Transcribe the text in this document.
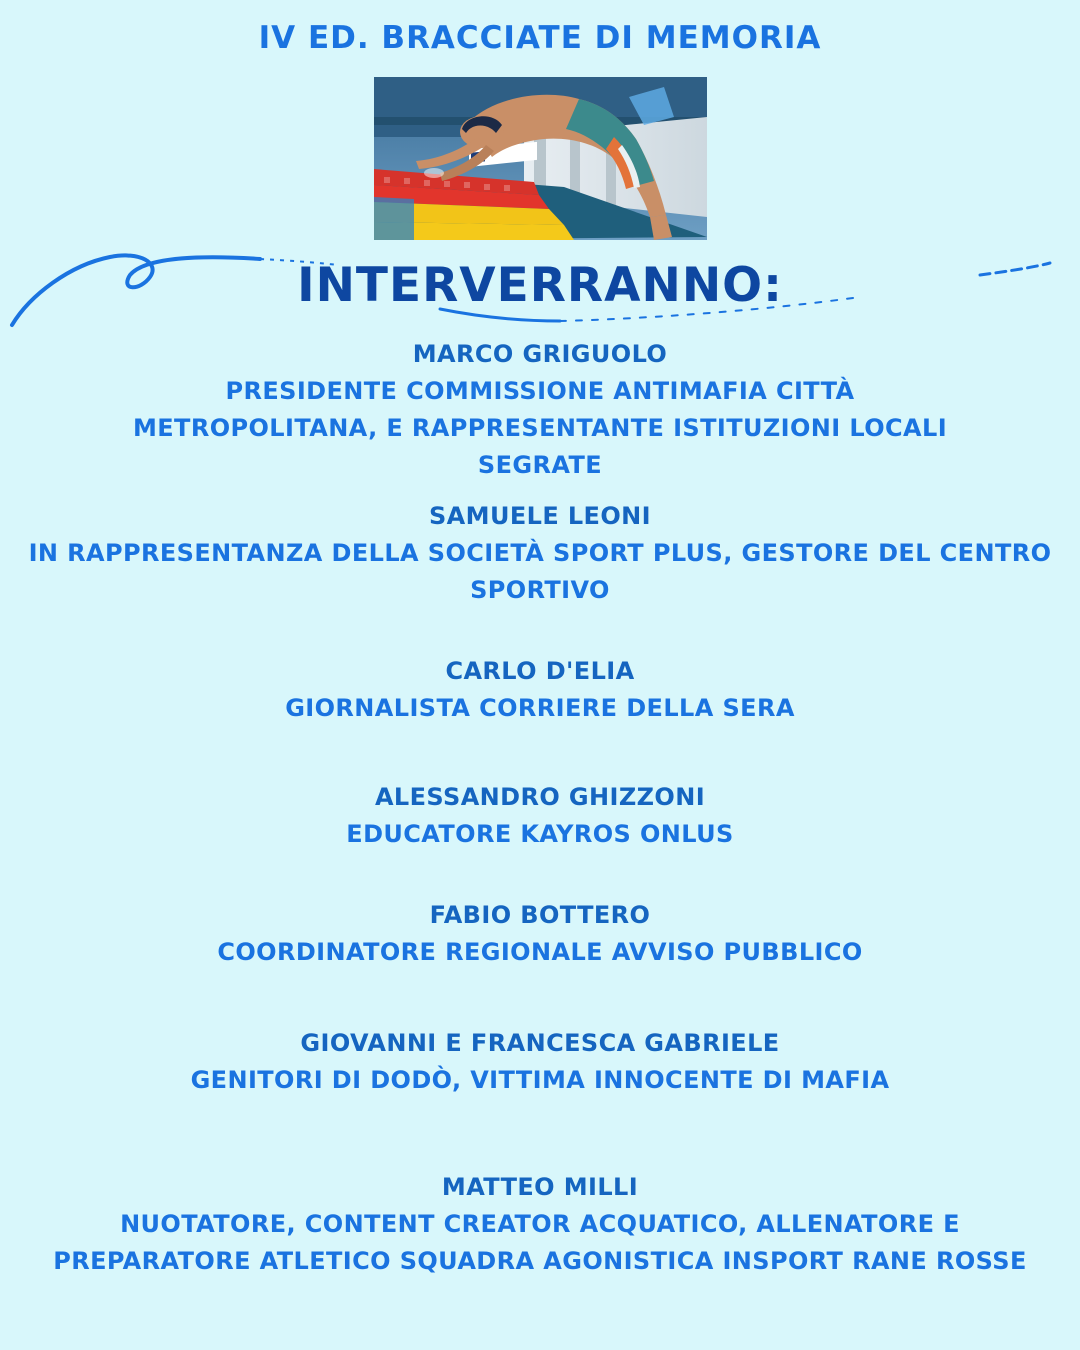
IV ED. BRACCIATE DI MEMORIA
INTERVERRANNO:
MARCO GRIGUOLO
PRESIDENTE COMMISSIONE ANTIMAFIA CITTÀ METROPOLITANA, E RAPPRESENTANTE ISTITUZIONI LOCALI SEGRATE
SAMUELE LEONI
IN RAPPRESENTANZA DELLA SOCIETÀ SPORT PLUS, GESTORE DEL CENTRO SPORTIVO
CARLO D'ELIA
GIORNALISTA CORRIERE DELLA SERA
ALESSANDRO GHIZZONI
EDUCATORE KAYROS ONLUS
FABIO BOTTERO
COORDINATORE REGIONALE AVVISO PUBBLICO
GIOVANNI E FRANCESCA GABRIELE
GENITORI DI DODÒ, VITTIMA INNOCENTE DI MAFIA
MATTEO MILLI
NUOTATORE, CONTENT CREATOR ACQUATICO, ALLENATORE E PREPARATORE ATLETICO SQUADRA AGONISTICA INSPORT RANE ROSSE
